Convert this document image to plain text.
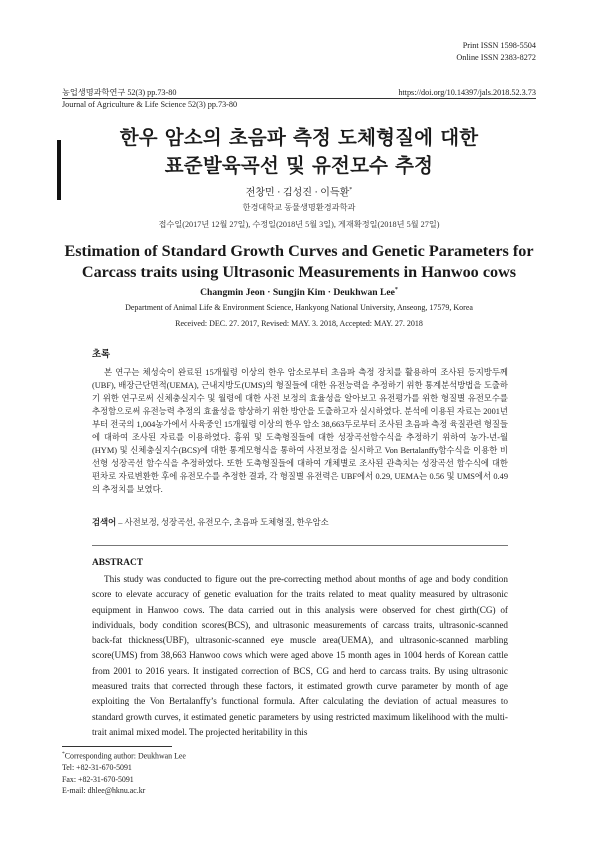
Print ISSN 1598-5504
Online ISSN 2383-8272
농업생명과학연구 52(3) pp.73-80	https://doi.org/10.14397/jals.2018.52.3.73
Journal of Agriculture & Life Science 52(3) pp.73-80
한우 암소의 초음파 측정 도체형질에 대한
표준발육곡선 및 유전모수 추정
전창민 · 김성진 · 이득환*
한경대학교 동물생명환경과학과
접수일(2017년 12월 27일), 수정일(2018년 5월 3일), 게재확정일(2018년 5월 27일)
Estimation of Standard Growth Curves and Genetic Parameters for
Carcass traits using Ultrasonic Measurements in Hanwoo cows
Changmin Jeon · Sungjin Kim · Deukhwan Lee*
Department of Animal Life & Environment Science, Hankyong National University, Anseong, 17579, Korea
Received: DEC. 27. 2017, Revised: MAY. 3. 2018, Accepted: MAY. 27. 2018
초록
본 연구는 체성숙이 완료된 15개월령 이상의 한우 암소로부터 초음파 측정 장치를 활용하여 조사된 등지방두께(UBF), 배장근단면적(UEMA), 근내지방도(UMS)의 형질들에 대한 유전능력을 추정하기 위한 통계분석방법을 도출하기 위한 연구로써 신체충실지수 및 월령에 대한 사전 보정의 효율성을 알아보고 유전평가를 위한 형질별 유전모수를 추정함으로써 유전능력 추정의 효율성을 향상하기 위한 방안을 도출하고자 실시하였다. 분석에 이용된 자료는 2001년부터 전국의 1,004농가에서 사육중인 15개월령 이상의 한우 암소 38,663두로부터 조사된 초음파 측정 육질관련 형질들에 대하여 조사된 자료를 이용하였다. 흉위 및 도축형질들에 대한 성장곡선함수식을 추정하기 위하여 농가-년-월(HYM) 및 신체충실지수(BCS)에 대한 통계모형식을 통하여 사전보정을 실시하고 Von Bertalanffy함수식을 이용한 비선형 성장곡선 함수식을 추정하였다. 또한 도축형질들에 대하여 개체별로 조사된 관측치는 성장곡선 함수식에 대한 편차로 자료변환한 후에 유전모수를 추정한 결과, 각 형질별 유전력은 UBF에서 0.29, UEMA는 0.56 및 UMS에서 0.49의 추정치를 보였다.
검색어 – 사전보정, 성장곡선, 유전모수, 초음파 도체형질, 한우암소
ABSTRACT
This study was conducted to figure out the pre-correcting method about months of age and body condition score to elevate accuracy of genetic evaluation for the traits related to meat quality measured by ultrasonic equipment in Hanwoo cows. The data carried out in this analysis were observed for chest girth(CG) of individuals, body condition scores(BCS), and ultrasonic measurements of carcass traits, ultrasonic-scanned back-fat thickness(UBF), ultrasonic-scanned eye muscle area(UEMA), and ultrasonic-scanned marbling score(UMS) from 38,663 Hanwoo cows which were aged above 15 month ages in 1004 herds of Korean cattle from 2001 to 2016 years. It instigated correction of BCS, CG and herd to carcass traits. By using ultrasonic measured traits that corrected through these factors, it estimated growth curve parameter by month of age exploiting the Von Bertalanffy’s functional formula. After calculating the deviation of actual measures to standard growth curves, it estimated genetic parameters by using restricted maximum likelihood with the multi-trait animal mixed model. The projected heritability in this
*Corresponding author: Deukhwan Lee
Tel: +82-31-670-5091
Fax: +82-31-670-5091
E-mail: dhlee@hknu.ac.kr
